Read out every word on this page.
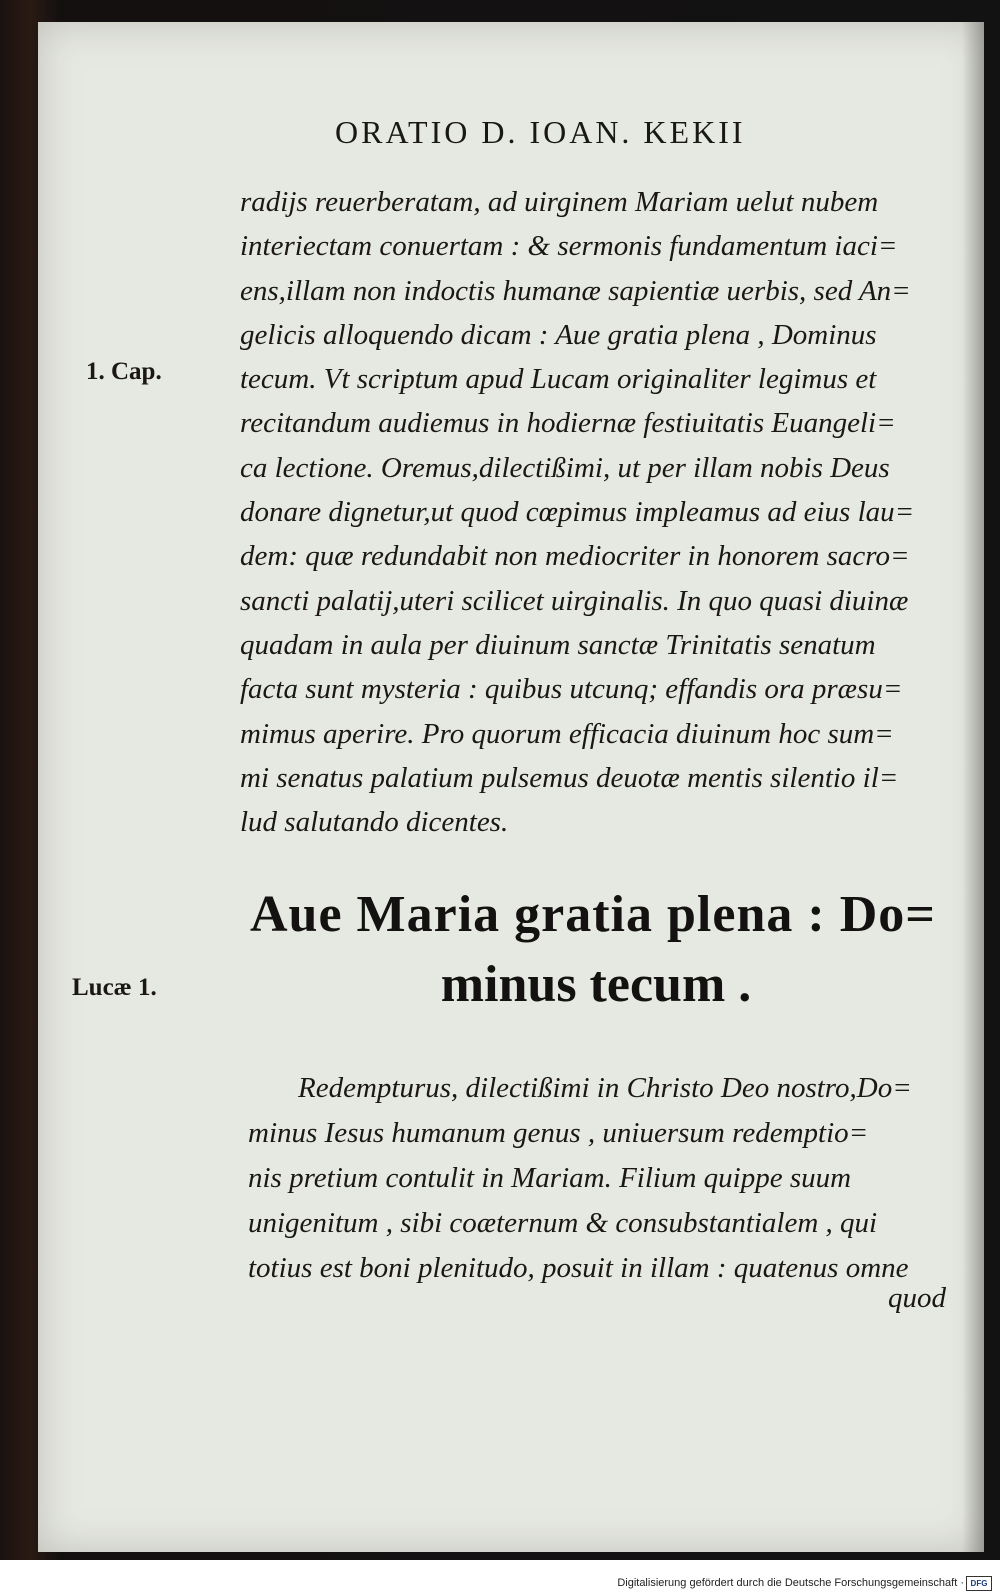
ORATIO D. IOAN. KEKII
radijs reuerberatam, ad uirginem Mariam uelut nubem
interiectam conuertam : & sermonis fundamentum iaci=
ens,illam non indoctis humanæ sapientiæ uerbis, sed An=
gelicis alloquendo dicam : Aue gratia plena , Dominus
tecum. Vt scriptum apud Lucam originaliter legimus et
recitandum audiemus in hodiernæ festiuitatis Euangeli=
ca lectione. Oremus,dilectißimi, ut per illam nobis Deus
donare dignetur,ut quod cœpimus impleamus ad eius lau=
dem: quæ redundabit non mediocriter in honorem sacro=
sancti palatij,uteri scilicet uirginalis. In quo quasi diuinæ
quadam in aula per diuinum sanctæ Trinitatis senatum
facta sunt mysteria : quibus utcunq; effandis ora præsu=
mimus aperire. Pro quorum efficacia diuinum hoc sum=
mi senatus palatium pulsemus deuotæ mentis silentio il=
lud salutando dicentes.
1. Cap.
Lucæ 1.
Aue Maria gratia plena : Do=
minus tecum .
Redempturus, dilectißimi in Christo Deo nostro,Do=
minus Iesus humanum genus , uniuersum redemptio=
nis pretium contulit in Mariam. Filium quippe suum
unigenitum , sibi coæternum & consubstantialem , qui
totius est boni plenitudo, posuit in illam : quatenus omne
quod
Digitalisierung gefördert durch die Deutsche Forschungsgemeinschaft · DFG
